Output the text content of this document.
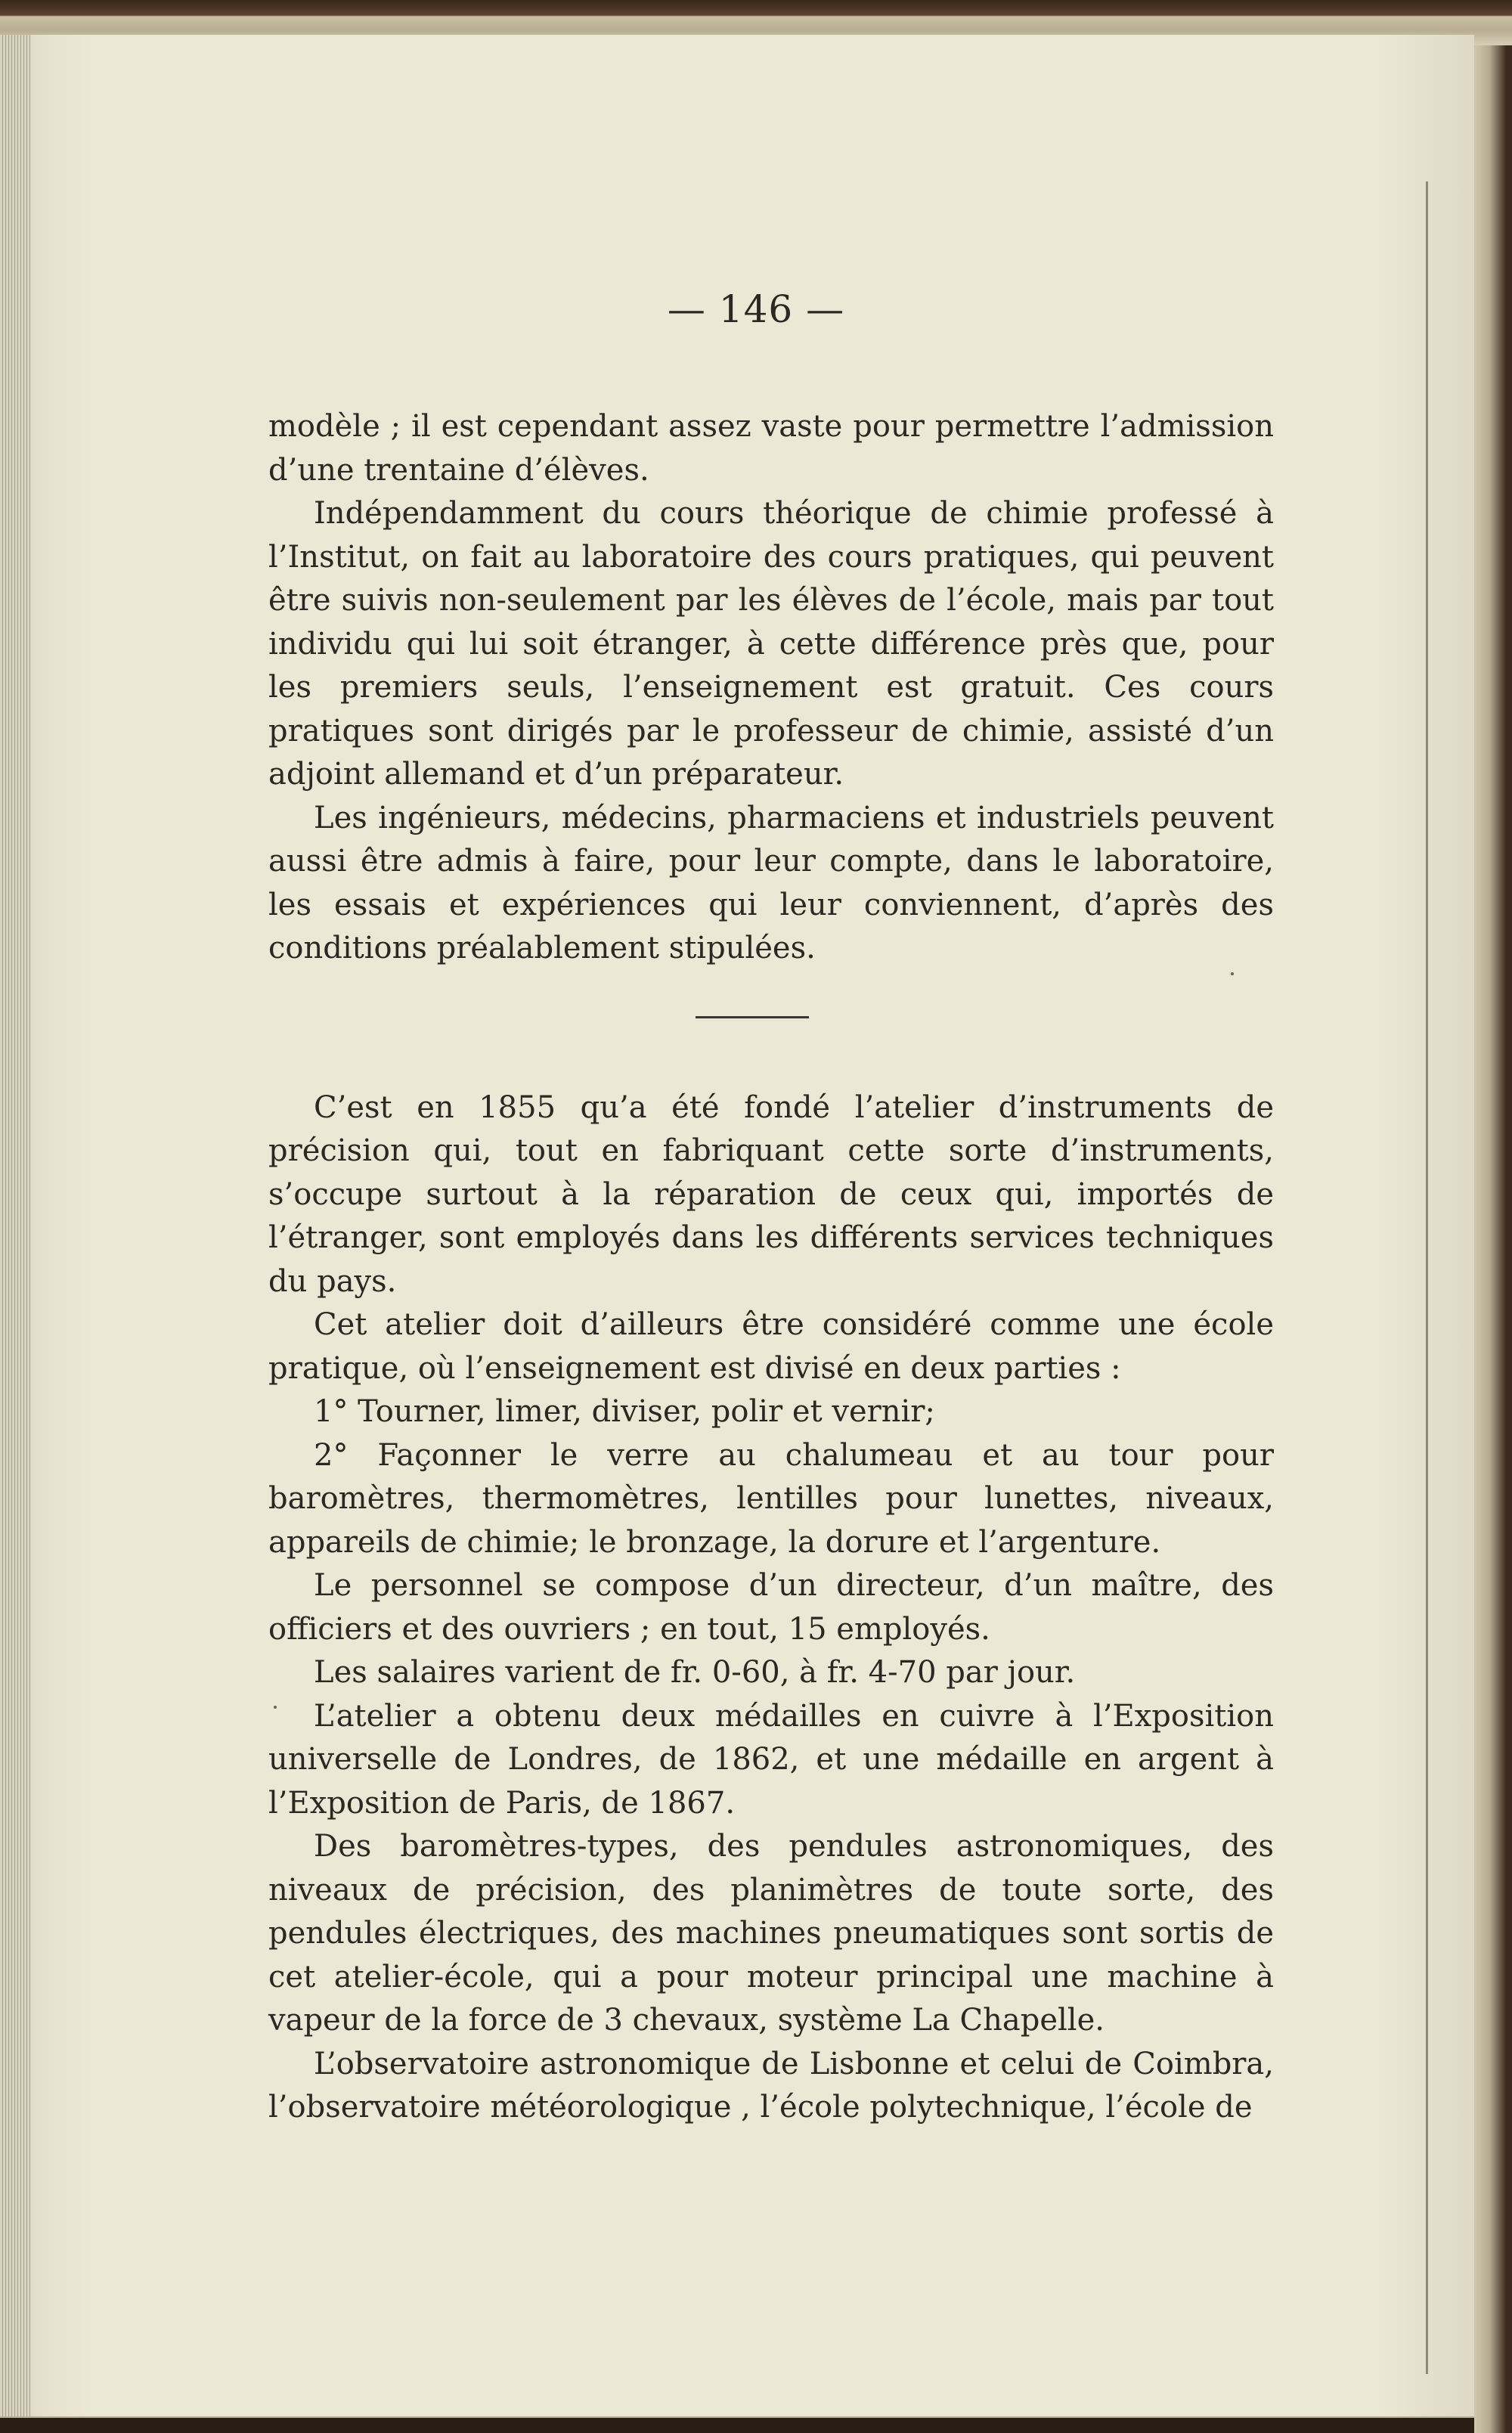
— 146 —

modèle ; il est cependant assez vaste pour permettre l’admission d’une trentaine d’élèves.

Indépendamment du cours théorique de chimie professé à l’Institut, on fait au laboratoire des cours pratiques, qui peuvent être suivis non-seulement par les élèves de l’école, mais par tout individu qui lui soit étranger, à cette différence près que, pour les premiers seuls, l’enseignement est gratuit. Ces cours pratiques sont dirigés par le professeur de chimie, assisté d’un adjoint allemand et d’un préparateur.

Les ingénieurs, médecins, pharmaciens et industriels peuvent aussi être admis à faire, pour leur compte, dans le laboratoire, les essais et expériences qui leur conviennent, d’après des conditions préalablement stipulées.

C’est en 1855 qu’a été fondé l’atelier d’instruments de précision qui, tout en fabriquant cette sorte d’instruments, s’occupe surtout à la réparation de ceux qui, importés de l’étranger, sont employés dans les différents services techniques du pays.

Cet atelier doit d’ailleurs être considéré comme une école pratique, où l’enseignement est divisé en deux parties :

1° Tourner, limer, diviser, polir et vernir;

2° Façonner le verre au chalumeau et au tour pour baromètres, thermomètres, lentilles pour lunettes, niveaux, appareils de chimie; le bronzage, la dorure et l’argenture.

Le personnel se compose d’un directeur, d’un maître, des officiers et des ouvriers ; en tout, 15 employés.

Les salaires varient de fr. 0-60, à fr. 4-70 par jour.

L’atelier a obtenu deux médailles en cuivre à l’Exposition universelle de Londres, de 1862, et une médaille en argent à l’Exposition de Paris, de 1867.

Des baromètres-types, des pendules astronomiques, des niveaux de précision, des planimètres de toute sorte, des pendules électriques, des machines pneumatiques sont sortis de cet atelier-école, qui a pour moteur principal une machine à vapeur de la force de 3 chevaux, système La Chapelle.

L’observatoire astronomique de Lisbonne et celui de Coimbra, l’observatoire météorologique , l’école polytechnique, l’école de
